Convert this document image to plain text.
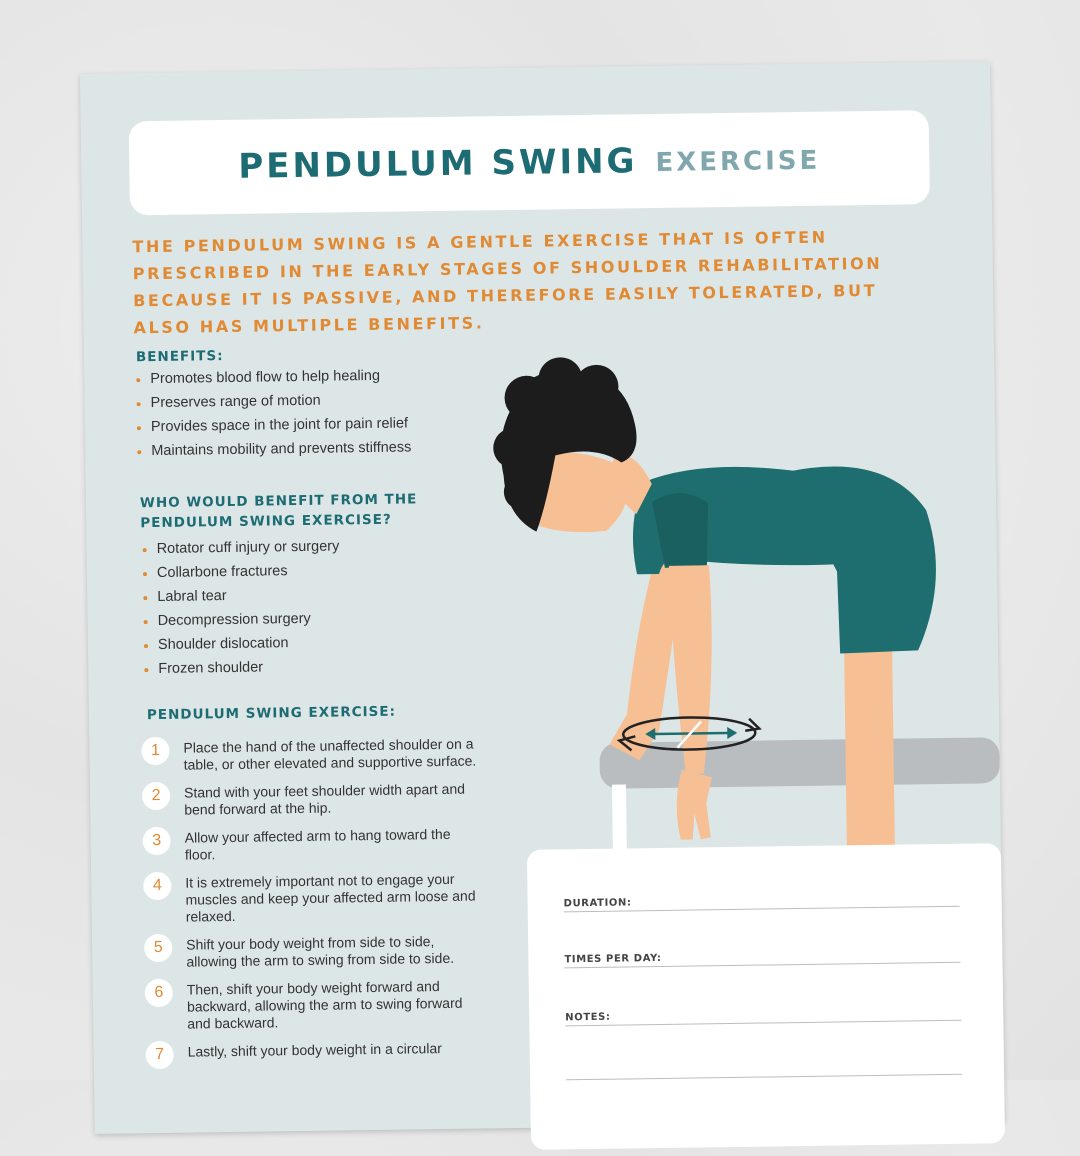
PENDULUM SWING EXERCISE
THE PENDULUM SWING IS A GENTLE EXERCISE THAT IS OFTEN PRESCRIBED IN THE EARLY STAGES OF SHOULDER REHABILITATION BECAUSE IT IS PASSIVE, AND THEREFORE EASILY TOLERATED, BUT ALSO HAS MULTIPLE BENEFITS.
BENEFITS:
Promotes blood flow to help healing
Preserves range of motion
Provides space in the joint for pain relief
Maintains mobility and prevents stiffness
WHO WOULD BENEFIT FROM THE
PENDULUM SWING EXERCISE?
Rotator cuff injury or surgery
Collarbone fractures
Labral tear
Decompression surgery
Shoulder dislocation
Frozen shoulder
PENDULUM SWING EXERCISE:
1	Place the hand of the unaffected shoulder on a table, or other elevated and supportive surface.
2	Stand with your feet shoulder width apart and bend forward at the hip.
3	Allow your affected arm to hang toward the floor.
4	It is extremely important not to engage your muscles and keep your affected arm loose and relaxed.
5	Shift your body weight from side to side, allowing the arm to swing from side to side.
6	Then, shift your body weight forward and backward, allowing the arm to swing forward and backward.
7	Lastly, shift your body weight in a circular
DURATION:
TIMES PER DAY:
NOTES:
